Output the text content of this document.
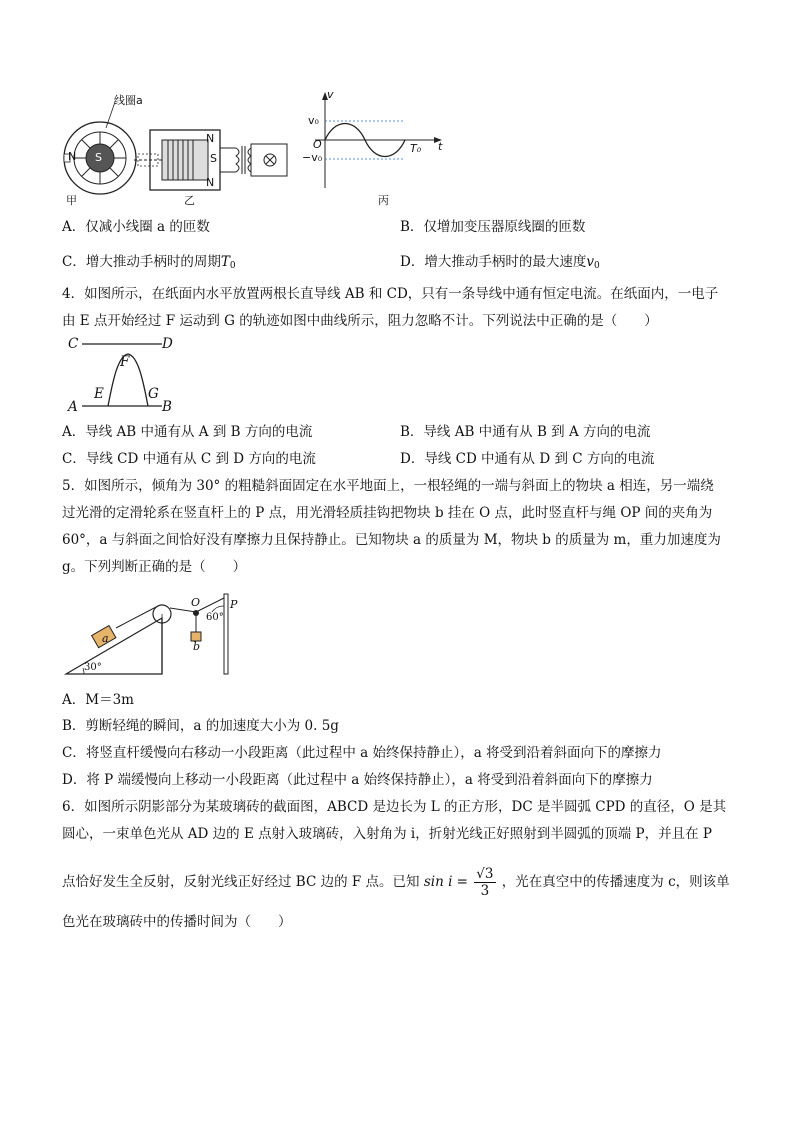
线圈a
S
N
N
N
S
v
t
O
v₀
−v₀
T₀
甲	乙	丙
A．仅减小线圈 a 的匝数	B．仅增加变压器原线圈的匝数
C．增大推动手柄时的周期$T_0$	D．增大推动手柄时的最大速度$v_0$
4．如图所示，在纸面内水平放置两根长直导线 AB 和 CD，只有一条导线中通有恒定电流。在纸面内，一电子
由 E 点开始经过 F 运动到 G 的轨迹如图中曲线所示，阻力忽略不计。下列说法中正确的是（　　）
C	D
F
E	G
A	B
A．导线 AB 中通有从 A 到 B 方向的电流	B．导线 AB 中通有从 B 到 A 方向的电流
C．导线 CD 中通有从 C 到 D 方向的电流	D．导线 CD 中通有从 D 到 C 方向的电流
5．如图所示，倾角为 30° 的粗糙斜面固定在水平地面上，一根轻绳的一端与斜面上的物块 a 相连，另一端绕
过光滑的定滑轮系在竖直杆上的 P 点，用光滑轻质挂钩把物块 b 挂在 O 点，此时竖直杆与绳 OP 间的夹角为
60°，a 与斜面之间恰好没有摩擦力且保持静止。已知物块 a 的质量为 M，物块 b 的质量为 m，重力加速度为
g。下列判断正确的是（　　）
a
b
O	P
30°
60°
A．M＝3m
B．剪断轻绳的瞬间，a 的加速度大小为 0. 5g
C．将竖直杆缓慢向右移动一小段距离（此过程中 a 始终保持静止），a 将受到沿着斜面向下的摩擦力
D．将 P 端缓慢向上移动一小段距离（此过程中 a 始终保持静止），a 将受到沿着斜面向下的摩擦力
6．如图所示阴影部分为某玻璃砖的截面图，ABCD 是边长为 L 的正方形，DC 是半圆弧 CPD 的直径，O 是其
圆心，一束单色光从 AD 边的 E 点射入玻璃砖，入射角为 i，折射光线正好照射到半圆弧的顶端 P，并且在 P
点恰好发生全反射，反射光线正好经过 BC 边的 F 点。已知 $\sin i = \frac{√3}{3}$ ，光在真空中的传播速度为 c，则该单
色光在玻璃砖中的传播时间为（　　）
